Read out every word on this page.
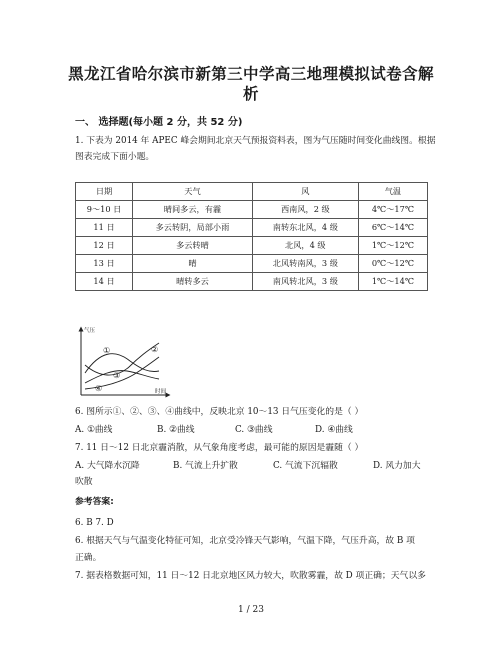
黑龙江省哈尔滨市新第三中学高三地理模拟试卷含解
析
一、 选择题(每小题 2 分，共 52 分)
1. 下表为 2014 年 APEC 峰会期间北京天气预报资料表，图为气压随时间变化曲线图。根据
图表完成下面小题。
日期	天气	风	气温
9～10 日	晴间多云，有霾	西南风，2 级	4℃～17℃
11 日	多云转阴，局部小雨	南转东北风，4 级	6℃～14℃
12 日	多云转晴	北风，4 级	1℃～12℃
13 日	晴	北风转南风，3 级	0℃～12℃
14 日	晴转多云	南风转北风，3 级	1℃～14℃
气压
时间
①	②
③
④
6. 图所示①、②、③、④曲线中，反映北京 10～13 日气压变化的是（ ）
A. ①曲线	B. ②曲线	C. ③曲线	D. ④曲线
7. 11 日～12 日北京霾消散，从气象角度考虑，最可能的原因是霾随（ ）
A. 大气降水沉降	B. 气流上升扩散	C. 气流下沉辐散	D. 风力加大
吹散
参考答案:
6. B 7. D
6. 根据天气与气温变化特征可知，北京受冷锋天气影响，气温下降，气压升高，故 B 项
正确。
7. 据表格数据可知，11 日～12 日北京地区风力较大，吹散雾霾，故 D 项正确；天气以多
1 / 23
